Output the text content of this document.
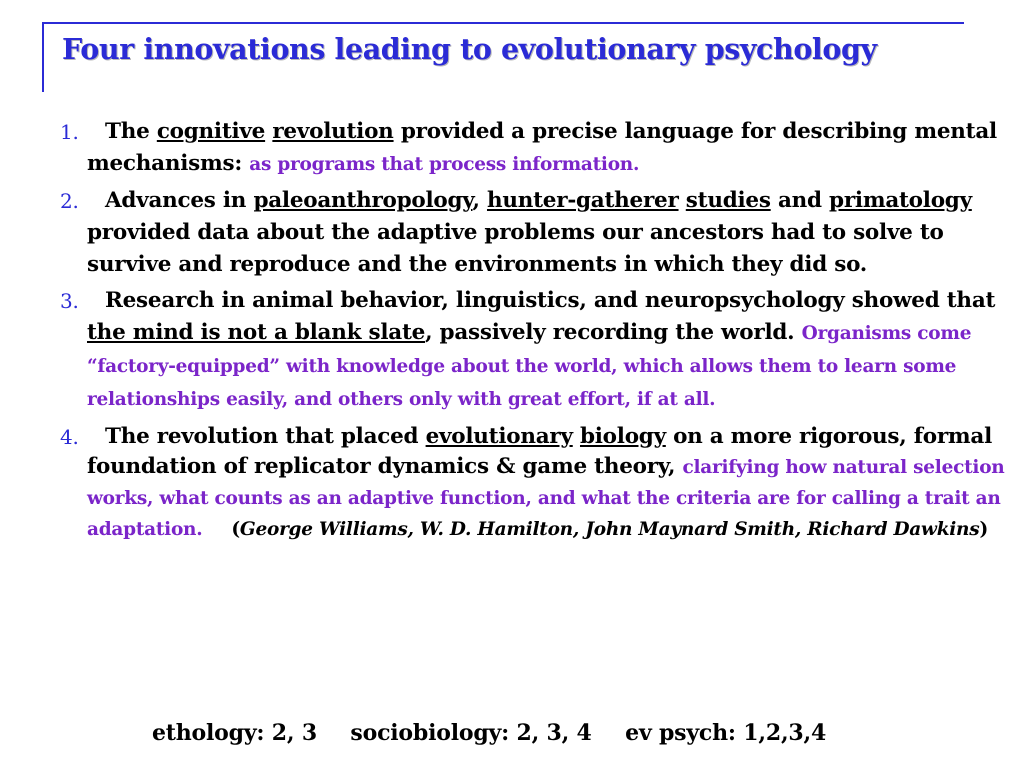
Four innovations leading to evolutionary psychology

1. The cognitive revolution provided a precise language for describing mental mechanisms: as programs that process information.

2. Advances in paleoanthropology, hunter-gatherer studies and primatology provided data about the adaptive problems our ancestors had to solve to survive and reproduce and the environments in which they did so.

3. Research in animal behavior, linguistics, and neuropsychology showed that the mind is not a blank slate, passively recording the world. Organisms come “factory-equipped” with knowledge about the world, which allows them to learn some relationships easily, and others only with great effort, if at all.

4. The revolution that placed evolutionary biology on a more rigorous, formal foundation of replicator dynamics & game theory, clarifying how natural selection works, what counts as an adaptive function, and what the criteria are for calling a trait an adaptation. (George Williams, W. D. Hamilton, John Maynard Smith, Richard Dawkins)

ethology: 2, 3 sociobiology: 2, 3, 4 ev psych: 1,2,3,4
